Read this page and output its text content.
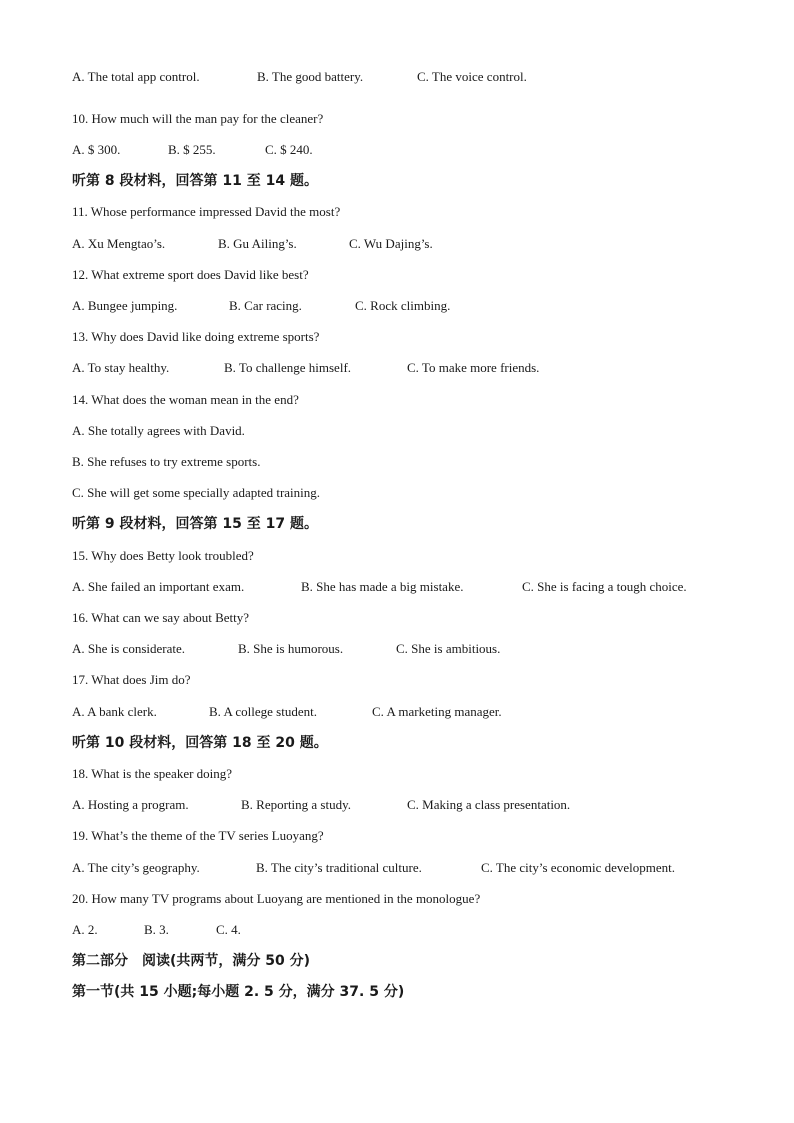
A. The total app control.	B. The good battery.	C. The voice control.
10. How much will the man pay for the cleaner?
A. $ 300.	B. $ 255.	C. $ 240.
听第 8 段材料，回答第 11 至 14 题。
11. Whose performance impressed David the most?
A. Xu Mengtao’s.	B. Gu Ailing’s.	C. Wu Dajing’s.
12. What extreme sport does David like best?
A. Bungee jumping.	B. Car racing.	C. Rock climbing.
13. Why does David like doing extreme sports?
A. To stay healthy.	B. To challenge himself.	C. To make more friends.
14. What does the woman mean in the end?
A. She totally agrees with David.
B. She refuses to try extreme sports.
C. She will get some specially adapted training.
听第 9 段材料，回答第 15 至 17 题。
15. Why does Betty look troubled?
A. She failed an important exam.	B. She has made a big mistake.	C. She is facing a tough choice.
16. What can we say about Betty?
A. She is considerate.	B. She is humorous.	C. She is ambitious.
17. What does Jim do?
A. A bank clerk.	B. A college student.	C. A marketing manager.
听第 10 段材料，回答第 18 至 20 题。
18. What is the speaker doing?
A. Hosting a program.	B. Reporting a study.	C. Making a class presentation.
19. What’s the theme of the TV series Luoyang?
A. The city’s geography.	B. The city’s traditional culture.	C. The city’s economic development.
20. How many TV programs about Luoyang are mentioned in the monologue?
A. 2.	B. 3.	C. 4.
第二部分　阅读(共两节，满分 50 分)
第一节(共 15 小题;每小题 2. 5 分，满分 37. 5 分)
